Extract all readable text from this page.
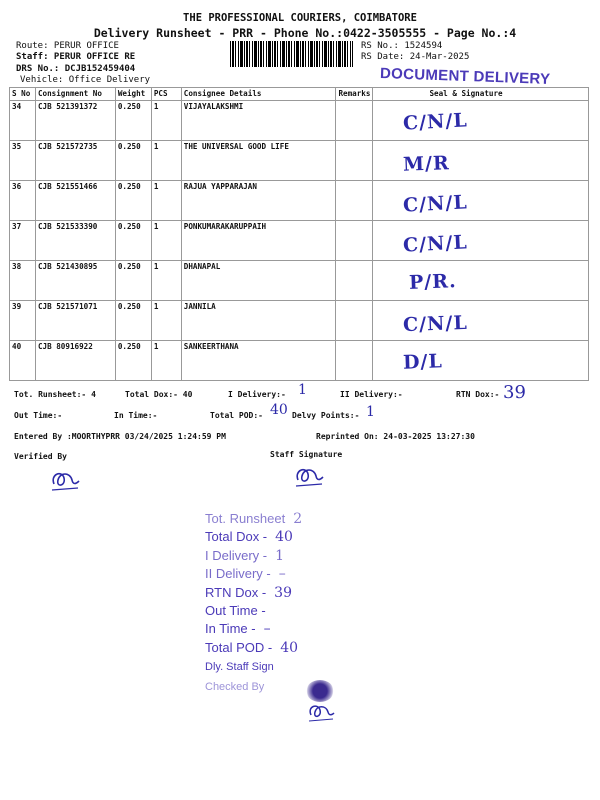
THE PROFESSIONAL COURIERS, COIMBATORE
Delivery Runsheet - PRR - Phone No.:0422-3505555 - Page No.:4
Route: PERUR OFFICE
Staff: PERUR OFFICE RE
DRS No.: DCJB152459404
Vehicle: Office Delivery
RS No.: 1524594
RS Date: 24-Mar-2025
DOCUMENT DELIVERY
S No	Consignment No	Weight	PCS	Consignee Details	Remarks	Seal & Signature
34	CJB 521391372	0.250	1	VIJAYALAKSHMI		C/N/L

35	CJB 521572735	0.250	1	THE UNIVERSAL GOOD LIFE		M/R

36	CJB 521551466	0.250	1	RAJUA YAPPARAJAN		C/N/L

37	CJB 521533390	0.250	1	PONKUMARAKARUPPAIH		C/N/L

38	CJB 521430895	0.250	1	DHANAPAL		P/R.

39	CJB 521571071	0.250	1	JANNILA		C/N/L

40	CJB 80916922	0.250	1	SANKEERTHANA		D/L
Tot. Runsheet:- 4	Total Dox:- 40	I Delivery:- 1	II Delivery:-	RTN Dox:- 39
Out Time:-	In Time:-	Total POD:- 40 Delvy Points:- 1
Entered By :MOORTHYPRR 03/24/2025 1:24:59 PM	Reprinted On: 24-03-2025 13:27:30
Verified By	Staff Signature
Tot. Runsheet 2
Total Dox - 40
I Delivery - 1
II Delivery - –
RTN Dox - 39
Out Time -
In Time - –
Total POD - 40
Dly. Staff Sign
Checked By
